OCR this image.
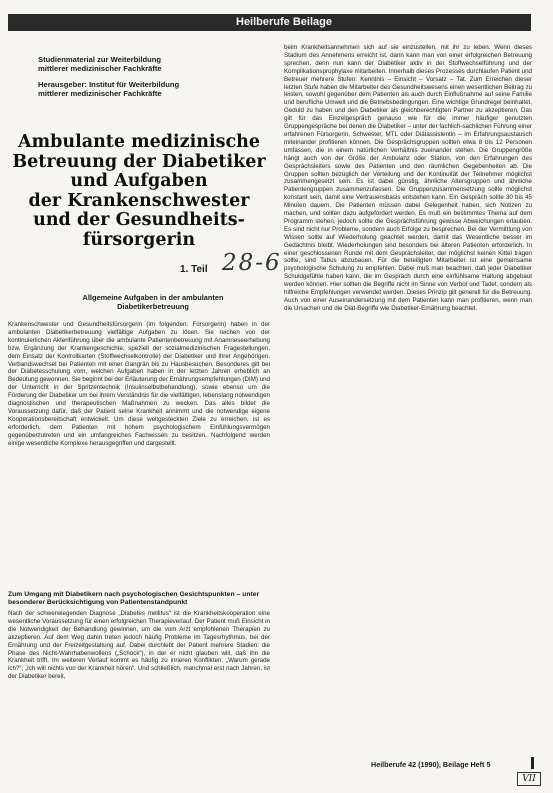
Heilberufe Beilage
Studienmaterial zur Weiterbildung
mittlerer medizinischer Fachkräfte
Herausgeber: Institut für Weiterbildung
mittlerer medizinischer Fachkräfte
Ambulante medizinische
Betreuung der Diabetiker
und Aufgaben
der Krankenschwester
und der Gesundheits-
fürsorgerin
1. Teil 28-6
Allgemeine Aufgaben in der ambulanten
Diabetikerbetreuung

Krankenschwester und Gesundheitsfürsorgerin (im folgenden: Fürsorgerin) haben in der ambulanten Diabetikerbetreuung vielfältige Aufgaben zu lösen. Sie reichen von der kontinuierlichen Aktenführung über die ambulante Patientenbetreuung mit Anamneseerhebung bzw. Ergänzung der Krankengeschichte, speziell der sozialmedizinischen Fragestellungen, dem Einsatz der Kontrollkarten (Stoffwechselkontrolle) der Diabetiker und ihrer Angehörigen. Verbandswechsel bei Patienten mit einer Gangrän bis zu Hausbesuchen. Besonderes gilt bei der Diabetesschulung vom, welchen Aufgaben haben in der letzten Jahren erheblich an Bedeutung gewonnen. Sie beginnt bei der Erläuterung der Ernährungsempfehlungen (DIM) und der Unterricht in der Spritzentechnik (Insulinselbstbehandlung), sowie ebenso um die Förderung der Diabetiker um bei ihrem Verständnis für die vielfältigen, lebenslang notwendigen diagnostischen und therapeutischen Maßnahmen zu wecken. Das alles bildet die Voraussetzung dafür, daß der Patient seine Krankheit annimmt und die notwendige eigene Kooperationsbereitschaft entwickelt. Um diese weitgesteckten Ziele zu erreichen, ist es erforderlich, dem Patienten mit hohem psychologischem Einfühlungsvermögen gegenüberzutreten und ein umfangreiches Fachwissen zu besitzen. Nachfolgend werden einige wesentliche Komplexe herausgegriffen und dargestellt.

Zum Umgang mit Diabetikern nach psychologischen Gesichtspunkten – unter besonderer Berücksichtigung von Patientenstandpunkt

Nach der schwerwiegenden Diagnose „Diabetes mellitus“ ist die Krankheitskooperation eine wesentliche Voraussetzung für einen erfolgreichen Therapieverlauf. Der Patient muß Einsicht in die Notwendigkeit der Behandlung gewinnen, um die vom Arzt empfohlenen Therapien zu akzeptieren. Auf dem Weg dahin treten jedoch häufig Probleme im Tagesrhythmus, bei der Ernährung und der Freizeitgestaltung auf. Dabei durchlebt der Patient mehrere Stadien: die Phase des Nicht-Wahrhabenwollens („Schock“), in der er nicht glauben will, daß ihn die Krankheit trifft. Im weiteren Verlauf kommt es häufig zu inneren Konflikten: „Warum gerade ich?“, „Ich will nichts von der Krankheit hören“. Und schließlich, manchmal erst nach Jahren, ist der Diabetiker bereit,

beim Krankheitsannehmen sich auf sie einzustellen, mit ihr zu leben. Wenn dieses Stadium des Annehmens erreicht ist, dann kann man von einer erfolgreichen Betreuung sprechen, denn nun kann der Diabetiker aktiv in der Stoffwechselführung und der Komplikationsprophylaxe mitarbeiten. Innerhalb dieses Prozesses durchlaufen Patient und Betreuer mehrere Stufen: Kenntnis – Einsicht – Vorsatz – Tat. Zum Erreichen dieser letzten Stufe haben die Mitarbeiter des Gesundheitswesens einen wesentlichen Beitrag zu leisten, sowohl gegenüber dem Patienten als auch durch Einflußnahme auf seine Familie und berufliche Umwelt und die Betriebsbedingungen. Eine wichtige Grundregel beinhaltet, Geduld zu haben und den Diabetiker als gleichberechtigten Partner zu akzeptieren. Das gilt für das Einzelgespräch genauso wie für die immer häufiger genutzten Gruppengespräche bei denen die Diabetiker – unter der fachlich-sachlichen Führung einer erfahrenen Fürsorgerin, Schwester, MTL oder Diätassistentin – im Erfahrungsaustausch miteinander profitieren können. Die Gesprächsgruppen sollten etwa 8 bis 12 Personen umfassen, die in einem natürlichen Verhältnis zueinander stehen. Die Gruppengröße hängt auch von der Größe der Ambulanz oder Station, von den Erfahrungen des Gesprächsleiters sowie des Patienten und den räumlichen Gegebenheiten ab. Die Gruppen sollten bezüglich der Verteilung und der Kontinuität der Teilnehmer möglichst zusammengesetzt sein. Es ist dabei günstig, ähnliche Altersgruppen und ähnliche Patientengruppen zusammenzufassen. Die Gruppenzusammensetzung sollte möglichst konstant sein, damit eine Vertrauensbasis entstehen kann. Ein Gespräch sollte 30 bis 45 Minuten dauern. Die Patienten müssen dabei Gelegenheit haben, sich Notizen zu machen, und sollten dazu aufgefordert werden. Es muß ein bestimmtes Thema auf dem Programm stehen, jedoch sollte die Gesprächsführung gewisse Abweichungen erlauben. Es sind nicht nur Probleme, sondern auch Erfolge zu besprechen. Bei der Vermittlung von Wissen sollte auf Wiederholung geachtet werden, damit das Wesentliche besser im Gedächtnis bleibt. Wiederholungen sind besonders bei älteren Patienten erforderlich. In einer geschlossenen Runde mit dem Gesprächsleiter, der möglichst keinen Kittel tragen sollte, sind Tabus abzubauen. Für die beteiligten Mitarbeiter ist eine gemeinsame psychologische Schulung zu empfehlen. Dabei muß man beachten, daß jeder Diabetiker Schuldgefühle haben kann, die im Gespräch durch eine einfühlsame Haltung abgebaut werden können. Hier sollten die Begriffe nicht im Sinne von Verbot und Tadel, sondern als hilfreiche Empfehlungen verwendet werden. Dieses Prinzip gilt generell für die Betreuung. Auch von einer Auseinandersetzung mit dem Patienten kann man profitieren, wenn man die Ursachen und die Diät-Begriffe wie Diabetiker-Ernährung beachtet.

Heilberufe 42 (1990), Beilage Heft 5
VII
